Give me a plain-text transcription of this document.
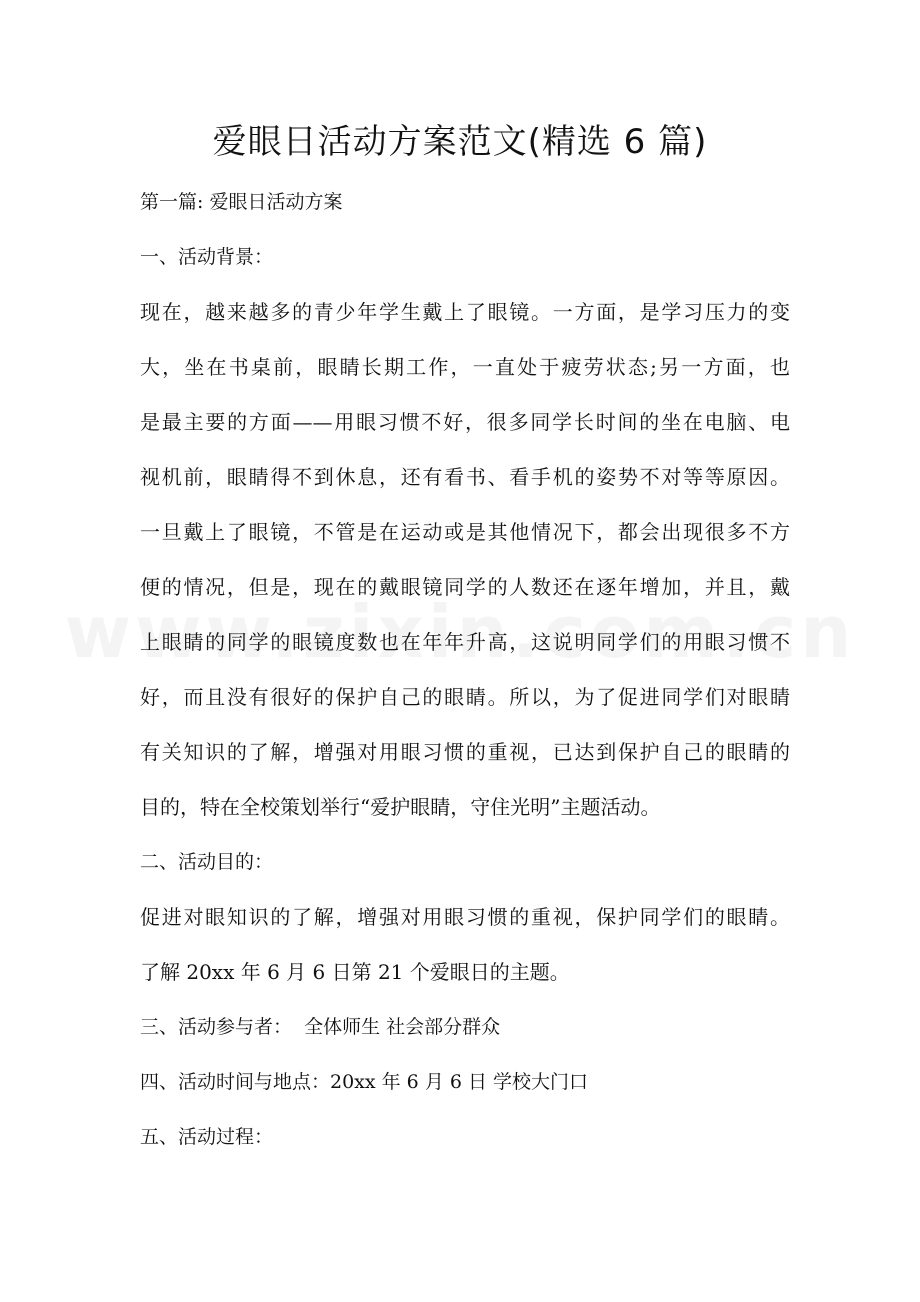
爱眼日活动方案范文(精选 6 篇)
第一篇: 爱眼日活动方案
一、活动背景：
现在，越来越多的青少年学生戴上了眼镜。一方面，是学习压力的变
大，坐在书桌前，眼睛长期工作，一直处于疲劳状态;另一方面，也
是最主要的方面——用眼习惯不好，很多同学长时间的坐在电脑、电
视机前，眼睛得不到休息，还有看书、看手机的姿势不对等等原因。
一旦戴上了眼镜，不管是在运动或是其他情况下，都会出现很多不方
便的情况，但是，现在的戴眼镜同学的人数还在逐年增加，并且，戴
上眼睛的同学的眼镜度数也在年年升高，这说明同学们的用眼习惯不
好，而且没有很好的保护自己的眼睛。所以，为了促进同学们对眼睛
有关知识的了解，增强对用眼习惯的重视，已达到保护自己的眼睛的
目的，特在全校策划举行“爱护眼睛，守住光明”主题活动。
二、活动目的：
促进对眼知识的了解，增强对用眼习惯的重视，保护同学们的眼睛。
了解 20xx 年 6 月 6 日第 21 个爱眼日的主题。
三、活动参与者：  全体师生 社会部分群众
四、活动时间与地点：20xx 年 6 月 6 日 学校大门口
五、活动过程：
